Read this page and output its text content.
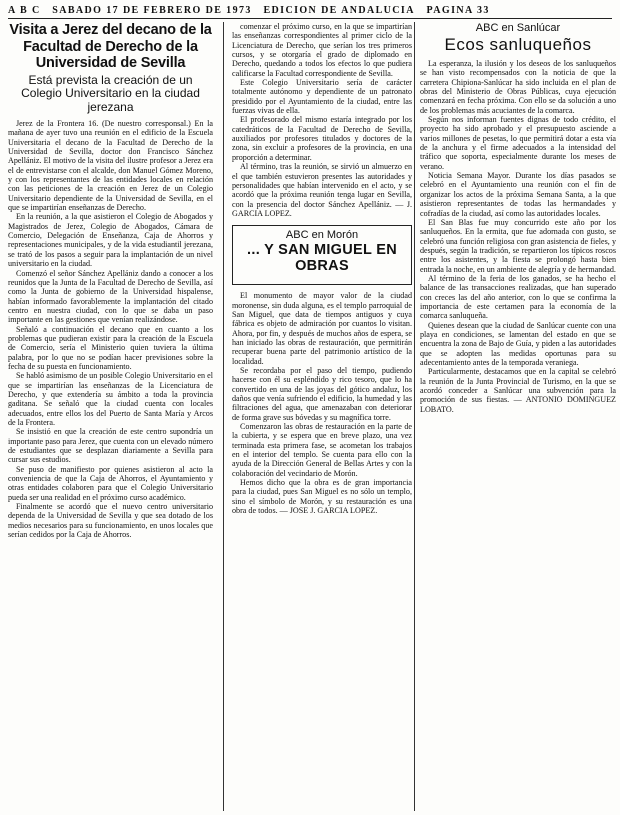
A B C SABADO 17 DE FEBRERO DE 1973 EDICION DE ANDALUCIA PAGINA 33
Visita a Jerez del decano de la Facultad de Derecho de la Universidad de Sevilla
Está prevista la creación de un Colegio Universitario en la ciudad jerezana

Jerez de la Frontera 16. (De nuestro corresponsal.) En la mañana de ayer tuvo una reunión en el edificio de la Escuela Universitaria el decano de la Facultad de Derecho de la Universidad de Sevilla, doctor don Francisco Sánchez Apellániz. El motivo de la visita del ilustre profesor a Jerez era el de entrevistarse con el alcalde, don Manuel Gómez Moreno, y con los representantes de las entidades locales en relación con las peticiones de la creación en Jerez de un Colegio Universitario dependiente de la Universidad de Sevilla, en el que se impartirían enseñanzas de Derecho.

En la reunión, a la que asistieron el Colegio de Abogados y Magistrados de Jerez, Colegio de Abogados, Cámara de Comercio, Delegación de Enseñanza, Caja de Ahorros y representaciones municipales, y de la vida estudiantil jerezana, se trató de los pasos a seguir para la implantación de un nivel universitario en la ciudad.

Comenzó el señor Sánchez Apellániz dando a conocer a los reunidos que la Junta de la Facultad de Derecho de Sevilla, así como la Junta de gobierno de la Universidad hispalense, habían informado favorablemente la implantación del citado centro en nuestra ciudad, con lo que se daba un paso importante en las gestiones que venían realizándose.

Señaló a continuación el decano que en cuanto a los problemas que pudieran existir para la creación de la Escuela de Comercio, sería el Ministerio quien tuviera la última palabra, por lo que no se podían hacer previsiones sobre la fecha de su puesta en funcionamiento.

Se habló asimismo de un posible Colegio Universitario en el que se impartirían las enseñanzas de la Licenciatura de Derecho, y que extendería su ámbito a toda la provincia gaditana. Se señaló que la ciudad cuenta con locales adecuados, entre ellos los del Puerto de Santa María y Arcos de la Frontera.

Se insistió en que la creación de este centro supondría un importante paso para Jerez, que cuenta con un elevado número de estudiantes que se desplazan diariamente a Sevilla para cursar sus estudios.

Se puso de manifiesto por quienes asistieron al acto la conveniencia de que la Caja de Ahorros, el Ayuntamiento y otras entidades colaboren para que el Colegio Universitario pueda ser una realidad en el próximo curso académico.

Finalmente se acordó que el nuevo centro universitario dependa de la Universidad de Sevilla y que sea dotado de los medios necesarios para su funcionamiento, en unos locales que serían cedidos por la Caja de Ahorros.

comenzar el próximo curso, en la que se impartirían las enseñanzas correspondientes al primer ciclo de la Licenciatura de Derecho, que serían los tres primeros cursos, y se otorgaría el grado de diplomado en Derecho, quedando a todos los efectos lo que pudiera calificarse la Facultad correspondiente de Sevilla.

Este Colegio Universitario sería de carácter totalmente autónomo y dependiente de un patronato presidido por el Ayuntamiento de la ciudad, entre las fuerzas vivas de ella.

El profesorado del mismo estaría integrado por los catedráticos de la Facultad de Derecho de Sevilla, auxiliados por profesores titulados y doctores de la zona, sin excluir a profesores de la provincia, en una proporción a determinar.

Al término, tras la reunión, se sirvió un almuerzo en el que también estuvieron presentes las autoridades y personalidades que habían intervenido en el acto, y se acordó que la próxima reunión tenga lugar en Sevilla, con la presencia del doctor Sánchez Apellániz. — J. GARCIA LOPEZ.

ABC en Morón
... Y SAN MIGUEL EN OBRAS

El monumento de mayor valor de la ciudad moronense, sin duda alguna, es el templo parroquial de San Miguel, que data de tiempos antiguos y cuya fábrica es objeto de admiración por cuantos lo visitan. Ahora, por fin, y después de muchos años de espera, se han iniciado las obras de restauración, que permitirán recuperar buena parte del patrimonio artístico de la localidad.

Se recordaba por el paso del tiempo, pudiendo hacerse con él su espléndido y rico tesoro, que lo ha convertido en una de las joyas del gótico andaluz, los daños que venía sufriendo el edificio, la humedad y las filtraciones del agua, que amenazaban con deteriorar de forma grave sus bóvedas y su magnífica torre.

Comenzaron las obras de restauración en la parte de la cubierta, y se espera que en breve plazo, una vez terminada esta primera fase, se acometan los trabajos en el interior del templo. Se cuenta para ello con la ayuda de la Dirección General de Bellas Artes y con la colaboración del vecindario de Morón.

Hemos dicho que la obra es de gran importancia para la ciudad, pues San Miguel es no sólo un templo, sino el símbolo de Morón, y su restauración es una obra de todos. — JOSE J. GARCIA LOPEZ.

ABC en Sanlúcar
Ecos sanluqueños

La esperanza, la ilusión y los deseos de los sanluqueños se han visto recompensados con la noticia de que la carretera Chipiona-Sanlúcar ha sido incluida en el plan de obras del Ministerio de Obras Públicas, cuya ejecución comenzará en fecha próxima. Con ello se da solución a uno de los problemas más acuciantes de la comarca.

Según nos informan fuentes dignas de todo crédito, el proyecto ha sido aprobado y el presupuesto asciende a varios millones de pesetas, lo que permitirá dotar a esta vía de la anchura y el firme adecuados a la intensidad del tráfico que soporta, especialmente durante los meses de verano.

Noticia Semana Mayor. Durante los días pasados se celebró en el Ayuntamiento una reunión con el fin de organizar los actos de la próxima Semana Santa, a la que asistieron representantes de todas las hermandades y cofradías de la ciudad, así como las autoridades locales.

El San Blas fue muy concurrido este año por los sanluqueños. En la ermita, que fue adornada con gusto, se celebró una función religiosa con gran asistencia de fieles, y después, según la tradición, se repartieron los típicos roscos entre los asistentes, y la fiesta se prolongó hasta bien entrada la noche, en un ambiente de alegría y de hermandad.

Al término de la feria de los ganados, se ha hecho el balance de las transacciones realizadas, que han superado con creces las del año anterior, con lo que se confirma la importancia de este certamen para la economía de la comarca sanluqueña.

Quienes desean que la ciudad de Sanlúcar cuente con una playa en condiciones, se lamentan del estado en que se encuentra la zona de Bajo de Guía, y piden a las autoridades que se adopten las medidas oportunas para su adecentamiento antes de la temporada veraniega.

Particularmente, destacamos que en la capital se celebró la reunión de la Junta Provincial de Turismo, en la que se acordó conceder a Sanlúcar una subvención para la promoción de sus fiestas. — ANTONIO DOMINGUEZ LOBATO.
